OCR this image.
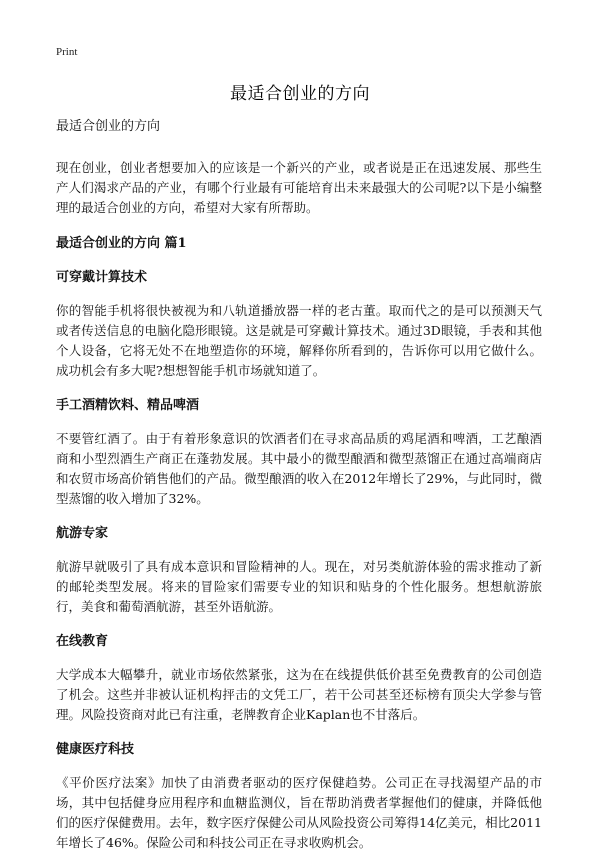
Print
最适合创业的方向
最适合创业的方向

现在创业，创业者想要加入的应该是一个新兴的产业，或者说是正在迅速发展、那些生产人们渴求产品的产业，有哪个行业最有可能培育出未来最强大的公司呢?以下是小编整理的最适合创业的方向，希望对大家有所帮助。

最适合创业的方向 篇1
可穿戴计算技术

你的智能手机将很快被视为和八轨道播放器一样的老古董。取而代之的是可以预测天气或者传送信息的电脑化隐形眼镜。这是就是可穿戴计算技术。通过3D眼镜，手表和其他个人设备，它将无处不在地塑造你的环境，解释你所看到的，告诉你可以用它做什么。成功机会有多大呢?想想智能手机市场就知道了。

手工酒精饮料、精品啤酒

不要管红酒了。由于有着形象意识的饮酒者们在寻求高品质的鸡尾酒和啤酒，工艺酿酒商和小型烈酒生产商正在蓬勃发展。其中最小的微型酿酒和微型蒸馏正在通过高端商店和农贸市场高价销售他们的产品。微型酿酒的收入在2012年增长了29%，与此同时，微型蒸馏的收入增加了32%。

航游专家

航游早就吸引了具有成本意识和冒险精神的人。现在，对另类航游体验的需求推动了新的邮轮类型发展。将来的冒险家们需要专业的知识和贴身的个性化服务。想想航游旅行，美食和葡萄酒航游，甚至外语航游。

在线教育

大学成本大幅攀升，就业市场依然紧张，这为在在线提供低价甚至免费教育的公司创造了机会。这些并非被认证机构抨击的文凭工厂，若干公司甚至还标榜有顶尖大学参与管理。风险投资商对此已有注重，老牌教育企业Kaplan也不甘落后。

健康医疗科技

《平价医疗法案》加快了由消费者驱动的医疗保健趋势。公司正在寻找渴望产品的市场，其中包括健身应用程序和血糖监测仪，旨在帮助消费者掌握他们的健康，并降低他们的医疗保健费用。去年，数字医疗保健公司从风险投资公司筹得14亿美元，相比2011年增长了46%。保险公司和科技公司正在寻求收购机会。
